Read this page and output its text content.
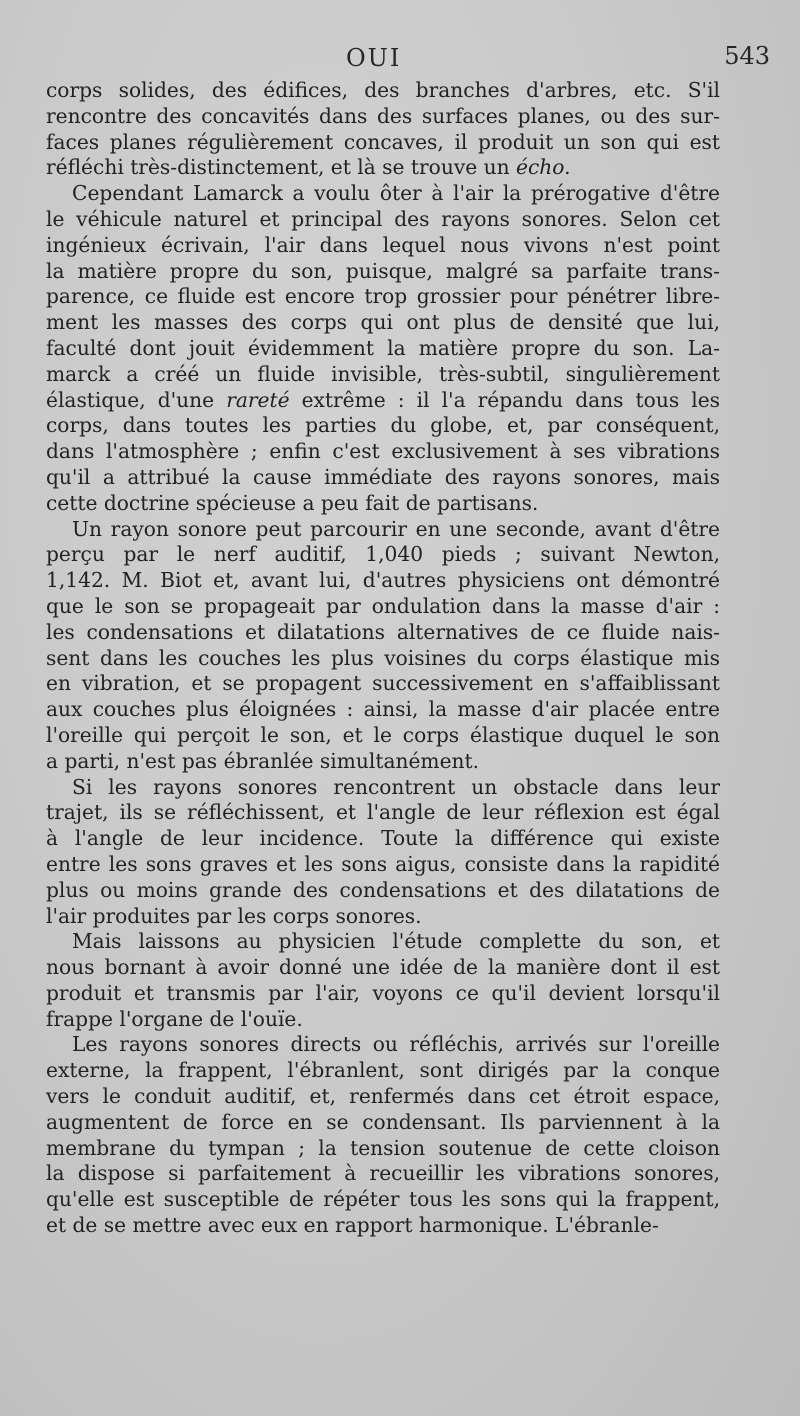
OUI	543
corps solides, des édifices, des branches d'arbres, etc. S'il
rencontre des concavités dans des surfaces planes, ou des sur-
faces planes régulièrement concaves, il produit un son qui est
réfléchi très-distinctement, et là se trouve un écho.
Cependant Lamarck a voulu ôter à l'air la prérogative d'être
le véhicule naturel et principal des rayons sonores. Selon cet
ingénieux écrivain, l'air dans lequel nous vivons n'est point
la matière propre du son, puisque, malgré sa parfaite trans-
parence, ce fluide est encore trop grossier pour pénétrer libre-
ment les masses des corps qui ont plus de densité que lui,
faculté dont jouit évidemment la matière propre du son. La-
marck a créé un fluide invisible, très-subtil, singulièrement
élastique, d'une rareté extrême : il l'a répandu dans tous les
corps, dans toutes les parties du globe, et, par conséquent,
dans l'atmosphère ; enfin c'est exclusivement à ses vibrations
qu'il a attribué la cause immédiate des rayons sonores, mais
cette doctrine spécieuse a peu fait de partisans.
Un rayon sonore peut parcourir en une seconde, avant d'être
perçu par le nerf auditif, 1,040 pieds ; suivant Newton,
1,142. M. Biot et, avant lui, d'autres physiciens ont démontré
que le son se propageait par ondulation dans la masse d'air :
les condensations et dilatations alternatives de ce fluide nais-
sent dans les couches les plus voisines du corps élastique mis
en vibration, et se propagent successivement en s'affaiblissant
aux couches plus éloignées : ainsi, la masse d'air placée entre
l'oreille qui perçoit le son, et le corps élastique duquel le son
a parti, n'est pas ébranlée simultanément.
Si les rayons sonores rencontrent un obstacle dans leur
trajet, ils se réfléchissent, et l'angle de leur réflexion est égal
à l'angle de leur incidence. Toute la différence qui existe
entre les sons graves et les sons aigus, consiste dans la rapidité
plus ou moins grande des condensations et des dilatations de
l'air produites par les corps sonores.
Mais laissons au physicien l'étude complette du son, et
nous bornant à avoir donné une idée de la manière dont il est
produit et transmis par l'air, voyons ce qu'il devient lorsqu'il
frappe l'organe de l'ouïe.
Les rayons sonores directs ou réfléchis, arrivés sur l'oreille
externe, la frappent, l'ébranlent, sont dirigés par la conque
vers le conduit auditif, et, renfermés dans cet étroit espace,
augmentent de force en se condensant. Ils parviennent à la
membrane du tympan ; la tension soutenue de cette cloison
la dispose si parfaitement à recueillir les vibrations sonores,
qu'elle est susceptible de répéter tous les sons qui la frappent,
et de se mettre avec eux en rapport harmonique. L'ébranle-
